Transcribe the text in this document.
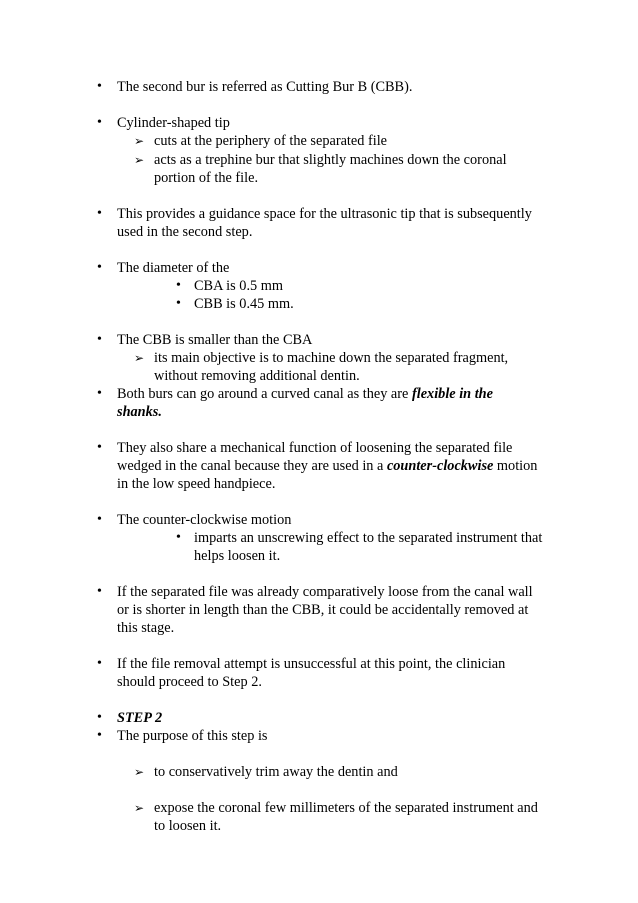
• The second bur is referred as Cutting Bur B (CBB).
• Cylinder-shaped tip
➢ cuts at the periphery of the separated file
➢ acts as a trephine bur that slightly machines down the coronal
portion of the file.
• This provides a guidance space for the ultrasonic tip that is subsequently
used in the second step.
• The diameter of the
• CBA is 0.5 mm
• CBB is 0.45 mm.
• The CBB is smaller than the CBA
➢ its main objective is to machine down the separated fragment,
without removing additional dentin.
• Both burs can go around a curved canal as they are flexible in the
shanks.
• They also share a mechanical function of loosening the separated file
wedged in the canal because they are used in a counter-clockwise motion
in the low speed handpiece.
• The counter-clockwise motion
• imparts an unscrewing effect to the separated instrument that
helps loosen it.
• If the separated file was already comparatively loose from the canal wall
or is shorter in length than the CBB, it could be accidentally removed at
this stage.
• If the file removal attempt is unsuccessful at this point, the clinician
should proceed to Step 2.
• STEP 2
• The purpose of this step is
➢ to conservatively trim away the dentin and
➢ expose the coronal few millimeters of the separated instrument and
to loosen it.
